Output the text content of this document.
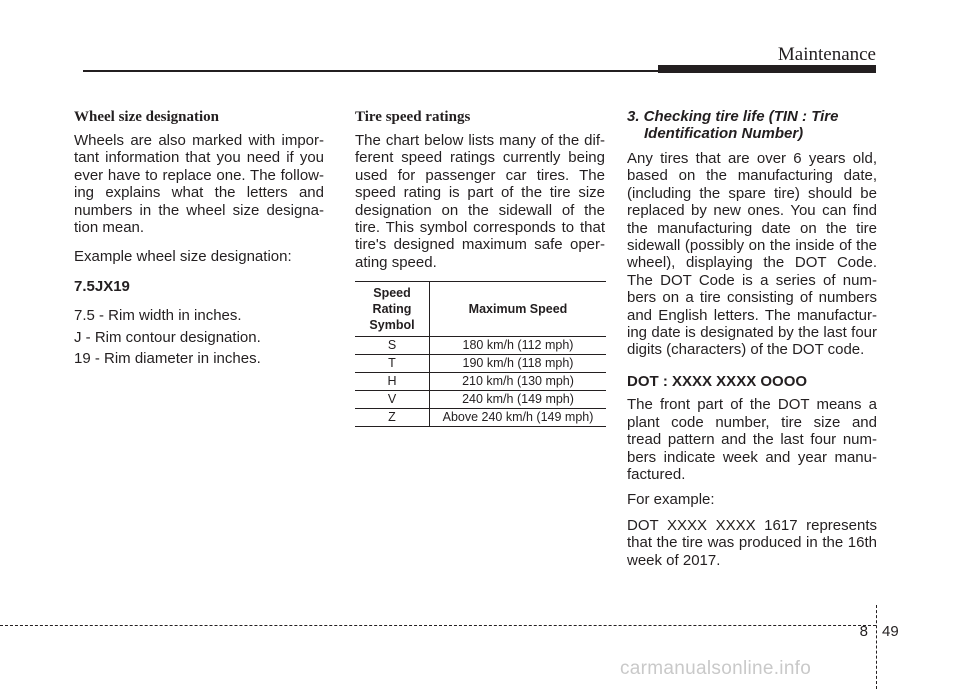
Maintenance
Wheel size designation

Wheels are also marked with impor-tant information that you need if you ever have to replace one. The follow-ing explains what the letters and numbers in the wheel size designa-tion mean.

Example wheel size designation:

7.5JX19

7.5 - Rim width in inches.

J - Rim contour designation.

19 - Rim diameter in inches.

Tire speed ratings

The chart below lists many of the dif-ferent speed ratings currently being used for passenger car tires. The speed rating is part of the tire size designation on the sidewall of the tire. This symbol corresponds to that tire's designed maximum safe oper-ating speed.

Speed Rating Symbol	Maximum Speed
S	180 km/h (112 mph)
T	190 km/h (118 mph)
H	210 km/h (130 mph)
V	240 km/h (149 mph)
Z	Above 240 km/h (149 mph)
3. Checking tire life (TIN : Tire Identification Number)

Any tires that are over 6 years old, based on the manufacturing date, (including the spare tire) should be replaced by new ones. You can find the manufacturing date on the tire sidewall (possibly on the inside of the wheel), displaying the DOT Code. The DOT Code is a series of num-bers on a tire consisting of numbers and English letters. The manufactur-ing date is designated by the last four digits (characters) of the DOT code.

DOT : XXXX XXXX OOOO

The front part of the DOT means a plant code number, tire size and tread pattern and the last four num-bers indicate week and year manu-factured.

For example:

DOT XXXX XXXX 1617 represents that the tire was produced in the 16th week of 2017.

8 49
carmanualsonline.info
